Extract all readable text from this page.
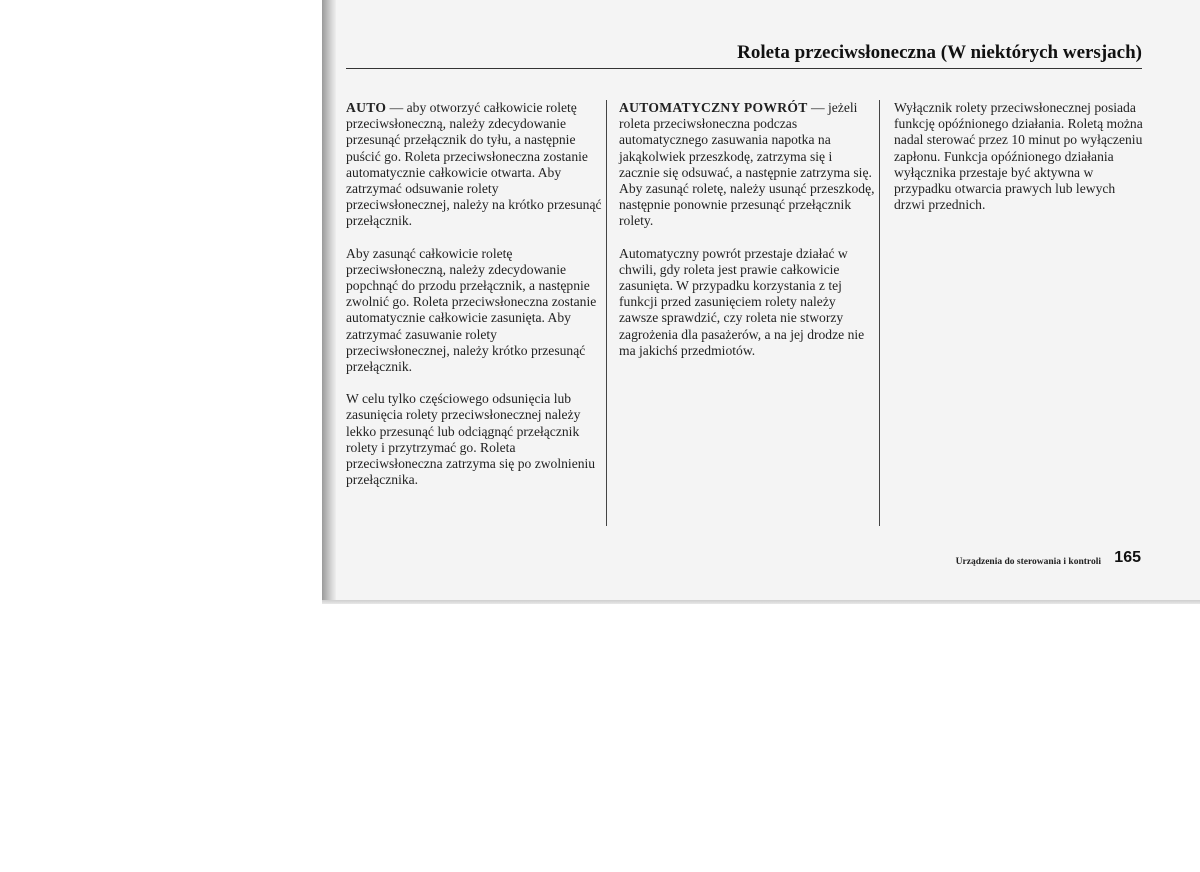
Roleta przeciwsłoneczna (W niektórych wersjach)

AUTO — aby otworzyć całkowicie roletę przeciwsłoneczną, należy zdecydowanie przesunąć przełącznik do tyłu, a następnie puścić go. Roleta przeciwsłoneczna zostanie automatycznie całkowicie otwarta. Aby zatrzymać odsuwanie rolety przeciwsłonecznej, należy na krótko przesunąć przełącznik.

Aby zasunąć całkowicie roletę przeciwsłoneczną, należy zdecydowanie popchnąć do przodu przełącznik, a następnie zwolnić go. Roleta przeciwsłoneczna zostanie automatycznie całkowicie zasunięta. Aby zatrzymać zasuwanie rolety przeciwsłonecznej, należy krótko przesunąć przełącznik.

W celu tylko częściowego odsunięcia lub zasunięcia rolety przeciwsłonecznej należy lekko przesunąć lub odciągnąć przełącznik rolety i przytrzymać go. Roleta przeciwsłoneczna zatrzyma się po zwolnieniu przełącznika.

AUTOMATYCZNY POWRÓT — jeżeli roleta przeciwsłoneczna podczas automatycznego zasuwania napotka na jakąkolwiek przeszkodę, zatrzyma się i zacznie się odsuwać, a następnie zatrzyma się. Aby zasunąć roletę, należy usunąć przeszkodę, następnie ponownie przesunąć przełącznik rolety.

Automatyczny powrót przestaje działać w chwili, gdy roleta jest prawie całkowicie zasunięta. W przypadku korzystania z tej funkcji przed zasunięciem rolety należy zawsze sprawdzić, czy roleta nie stworzy zagrożenia dla pasażerów, a na jej drodze nie ma jakichś przedmiotów.

Wyłącznik rolety przeciwsłonecznej posiada funkcję opóźnionego działania. Roletą można nadal sterować przez 10 minut po wyłączeniu zapłonu. Funkcja opóźnionego działania wyłącznika przestaje być aktywna w przypadku otwarcia prawych lub lewych drzwi przednich.

Urządzenia do sterowania i kontroli 165
